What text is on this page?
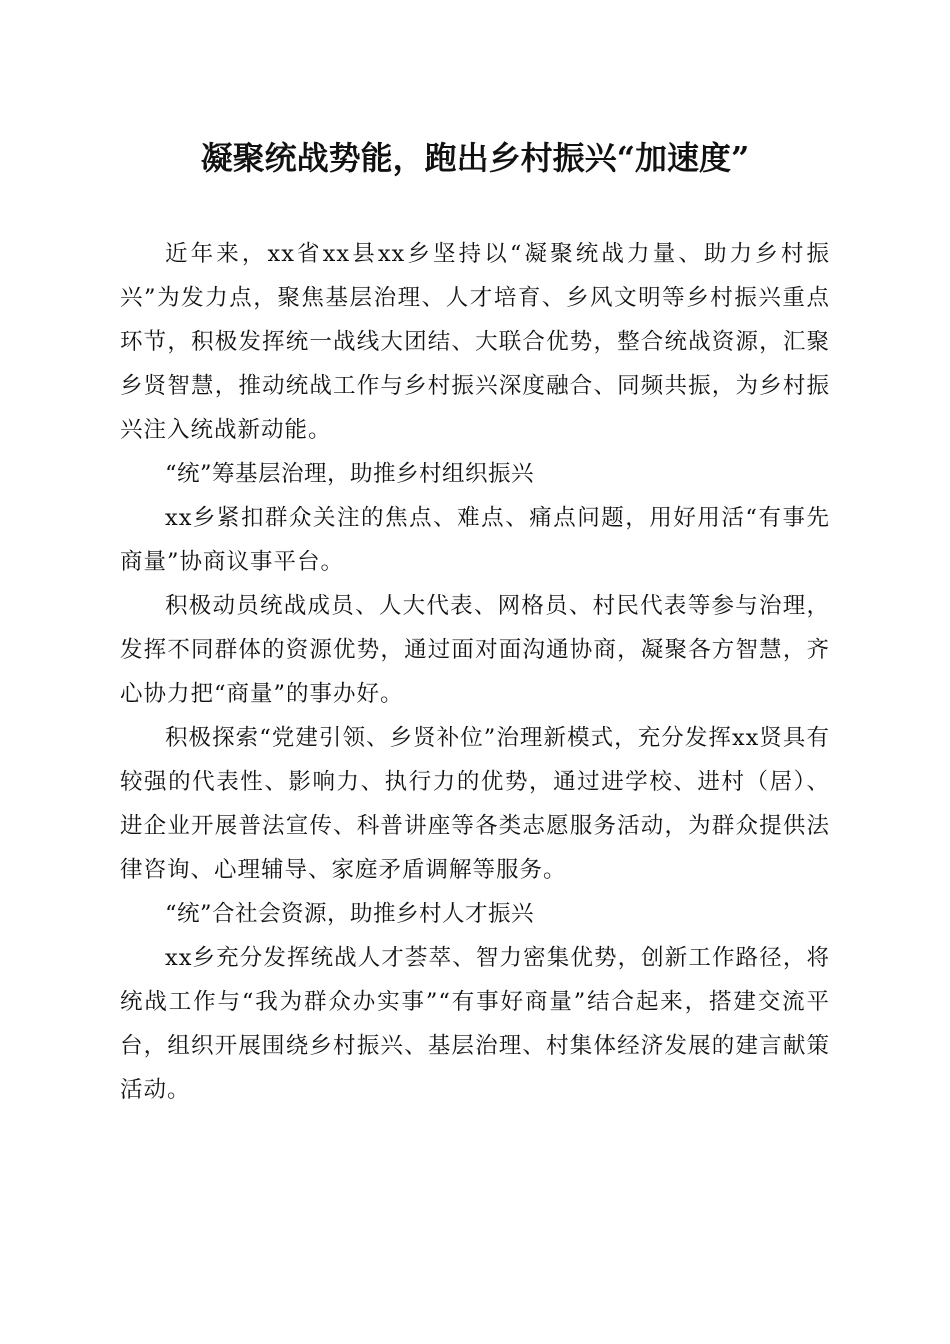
凝聚统战势能，跑出乡村振兴“加速度”

近年来，xx省xx县xx乡坚持以“凝聚统战力量、助力乡村振兴”为发力点，聚焦基层治理、人才培育、乡风文明等乡村振兴重点环节，积极发挥统一战线大团结、大联合优势，整合统战资源，汇聚乡贤智慧，推动统战工作与乡村振兴深度融合、同频共振，为乡村振兴注入统战新动能。

“统”筹基层治理，助推乡村组织振兴

xx乡紧扣群众关注的焦点、难点、痛点问题，用好用活“有事先商量”协商议事平台。

积极动员统战成员、人大代表、网格员、村民代表等参与治理，发挥不同群体的资源优势，通过面对面沟通协商，凝聚各方智慧，齐心协力把“商量”的事办好。

积极探索“党建引领、乡贤补位”治理新模式，充分发挥xx贤具有较强的代表性、影响力、执行力的优势，通过进学校、进村（居）、进企业开展普法宣传、科普讲座等各类志愿服务活动，为群众提供法律咨询、心理辅导、家庭矛盾调解等服务。

“统”合社会资源，助推乡村人才振兴

xx乡充分发挥统战人才荟萃、智力密集优势，创新工作路径，将统战工作与“我为群众办实事”“有事好商量”结合起来，搭建交流平台，组织开展围绕乡村振兴、基层治理、村集体经济发展的建言献策活动。
